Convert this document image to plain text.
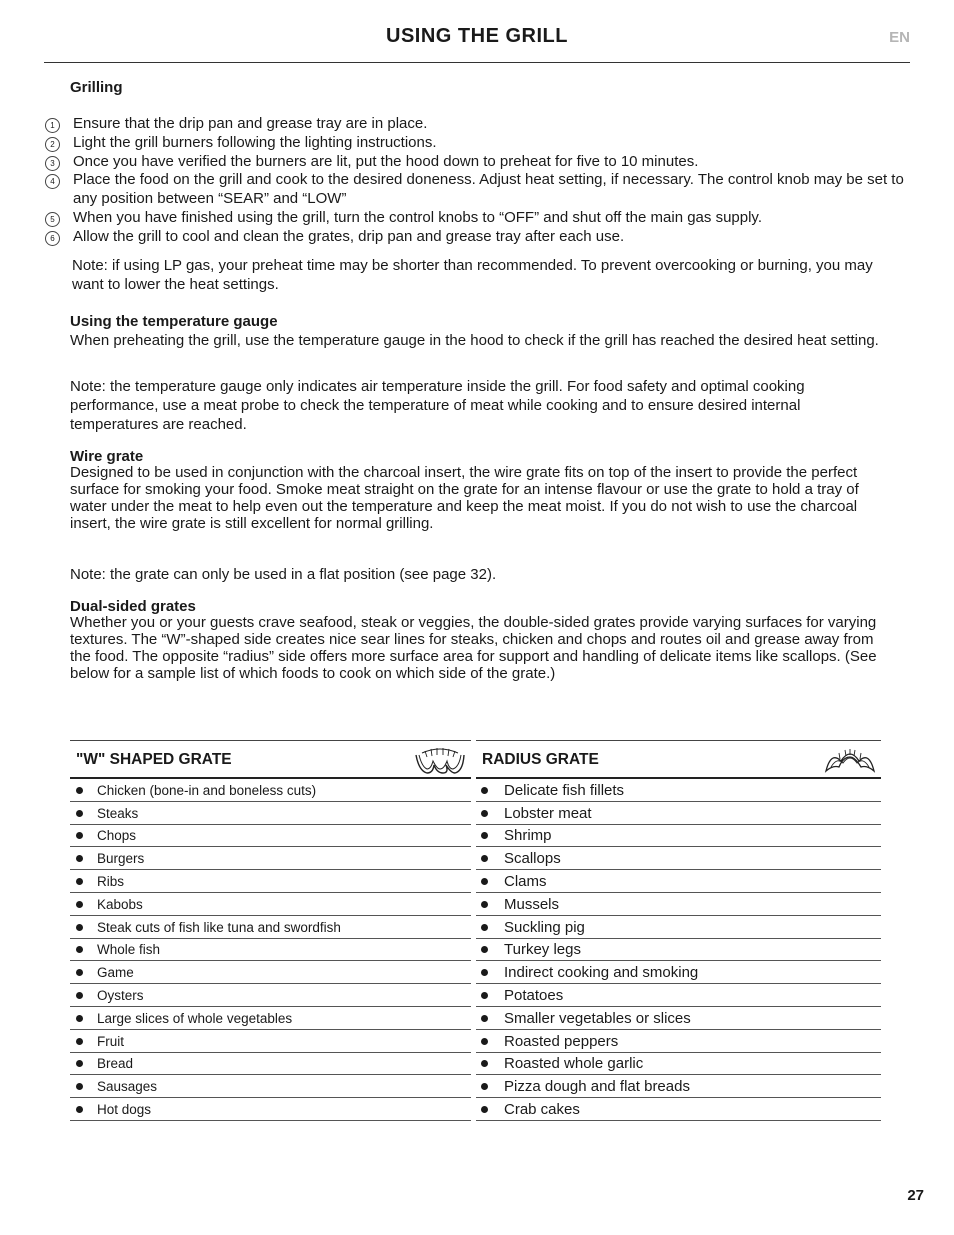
USING THE GRILL	EN
Grilling
1	Ensure that the drip pan and grease tray are in place.
2	Light the grill burners following the lighting instructions.
3	Once you have verified the burners are lit, put the hood down to preheat for five to 10 minutes.
4	Place the food on the grill and cook to the desired doneness. Adjust heat setting, if necessary. The control knob may be set to any position between “SEAR” and “LOW”
5	When you have finished using the grill, turn the control knobs to “OFF” and shut off the main gas supply.
6	Allow the grill to cool and clean the grates, drip pan and grease tray after each use.
Note: if using LP gas, your preheat time may be shorter than recommended. To prevent overcooking or burning, you may want to lower the heat settings.
Using the temperature gauge
When preheating the grill, use the temperature gauge in the hood to check if the grill has reached the desired heat setting.
Note: the temperature gauge only indicates air temperature inside the grill. For food safety and optimal cooking performance, use a meat probe to check the temperature of meat while cooking and to ensure desired internal temperatures are reached.
Wire grate
Designed to be used in conjunction with the charcoal insert, the wire grate fits on top of the insert to provide the perfect surface for smoking your food. Smoke meat straight on the grate for an intense flavour or use the grate to hold a tray of water under the meat to help even out the temperature and keep the meat moist. If you do not wish to use the charcoal insert, the wire grate is still excellent for normal grilling.
Note: the grate can only be used in a flat position (see page 32).
Dual-sided grates
Whether you or your guests crave seafood, steak or veggies, the double-sided grates provide varying surfaces for varying textures. The “W”-shaped side creates nice sear lines for steaks, chicken and chops and routes oil and grease away from the food. The opposite “radius” side offers more surface area for support and handling of delicate items like scallops. (See below for a sample list of which foods to cook on which side of the grate.)
"W" SHAPED GRATE
Chicken (bone-in and boneless cuts)
Steaks
Chops
Burgers
Ribs
Kabobs
Steak cuts of fish like tuna and swordfish
Whole fish
Game
Oysters
Large slices of whole vegetables
Fruit
Bread
Sausages
Hot dogs
RADIUS GRATE
Delicate fish fillets
Lobster meat
Shrimp
Scallops
Clams
Mussels
Suckling pig
Turkey legs
Indirect cooking and smoking
Potatoes
Smaller vegetables or slices
Roasted peppers
Roasted whole garlic
Pizza dough and flat breads
Crab cakes
27
